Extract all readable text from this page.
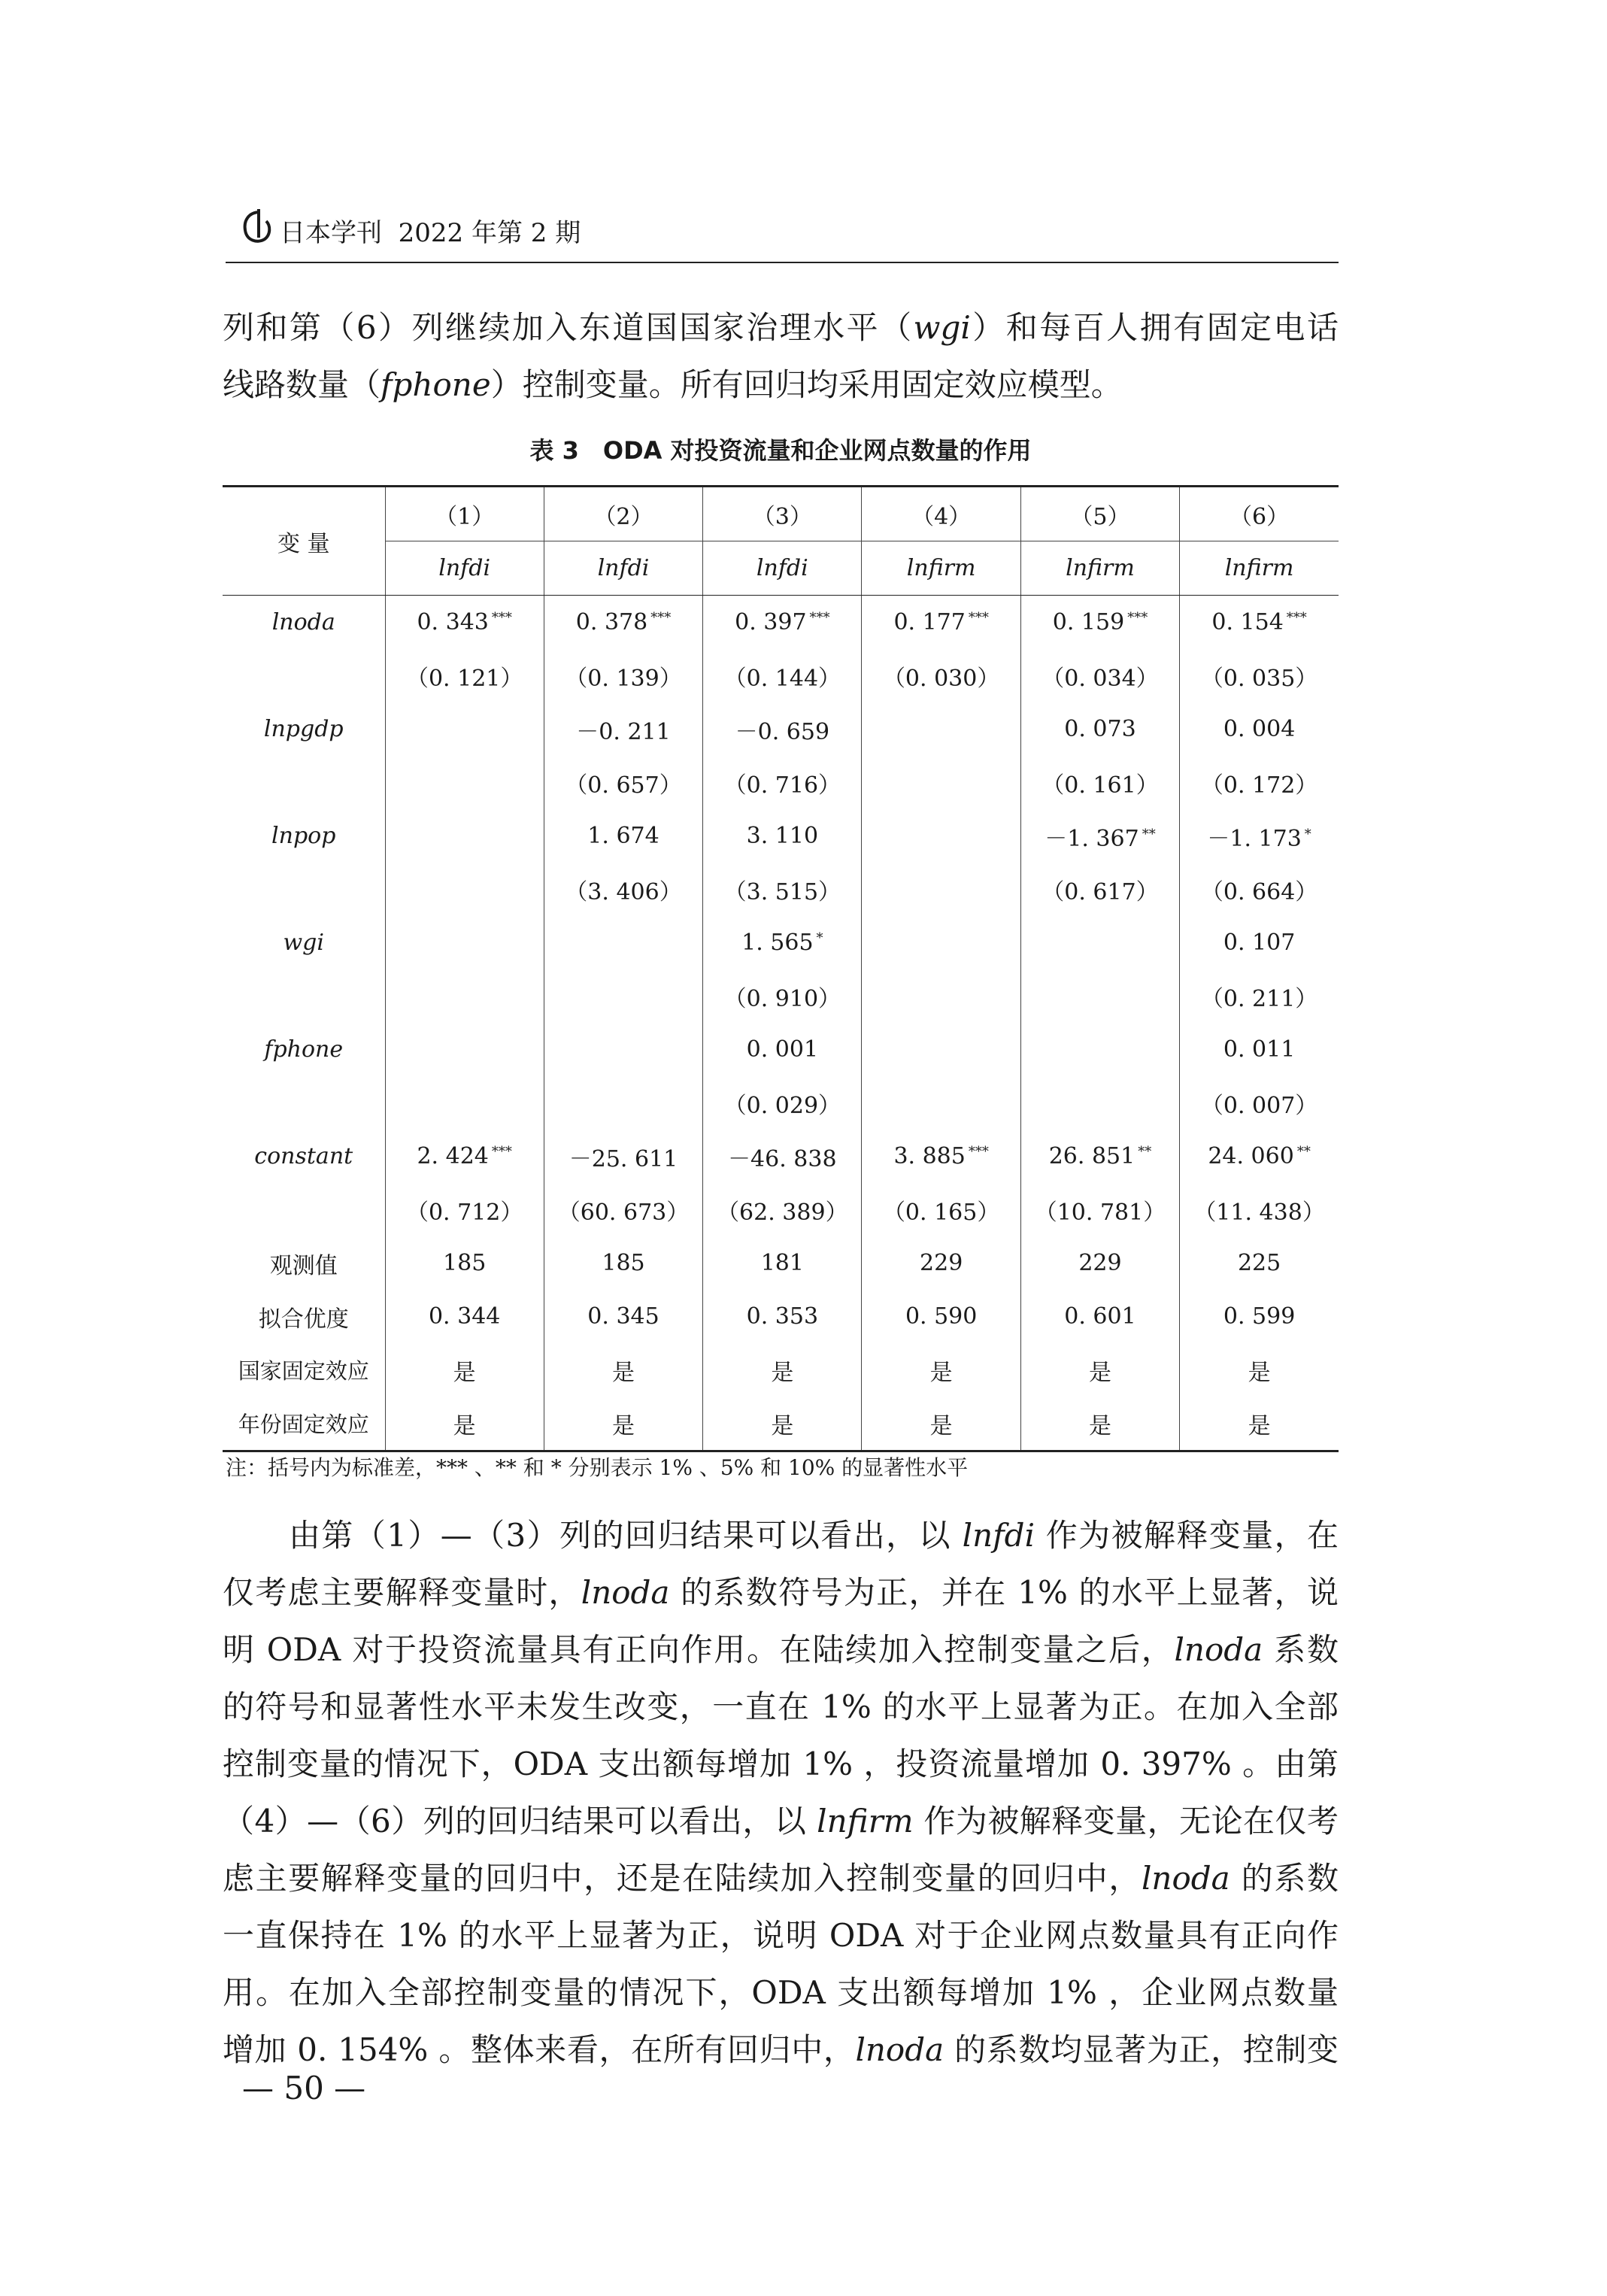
日本学刊 2022 年第 2 期

列和第（6）列继续加入东道国国家治理水平（wgi）和每百人拥有固定电话

线路数量（fphone）控制变量。所有回归均采用固定效应模型。

表 3　ODA 对投资流量和企业网点数量的作用
变 量	（1）	（2）	（3）	（4）	（5）	（6）
	lnfdi	lnfdi	lnfdi	lnfirm	lnfirm	lnfirm
lnoda	0. 343 ***	0. 378 ***	0. 397 ***	0. 177 ***	0. 159 ***	0. 154 ***
	（0. 121）	（0. 139）	（0. 144）	（0. 030）	（0. 034）	（0. 035）
lnpgdp		－0. 211	－0. 659		0. 073	0. 004
		（0. 657）	（0. 716）		（0. 161）	（0. 172）
lnpop		1. 674	3. 110		－1. 367 **	－1. 173 *
		（3. 406）	（3. 515）		（0. 617）	（0. 664）
wgi			1. 565 *			0. 107
			（0. 910）			（0. 211）
fphone			0. 001			0. 011
			（0. 029）			（0. 007）
constant	2. 424 ***	－25. 611	－46. 838	3. 885 ***	26. 851 **	24. 060 **
	（0. 712）	（60. 673）	（62. 389）	（0. 165）	（10. 781）	（11. 438）
观测值	185	185	181	229	229	225
拟合优度	0. 344	0. 345	0. 353	0. 590	0. 601	0. 599
国家固定效应	是	是	是	是	是	是
年份固定效应	是	是	是	是	是	是
注：括号内为标准差，*** 、** 和 * 分别表示 1% 、5% 和 10% 的显著性水平

由第（1）—（3）列的回归结果可以看出，以 lnfdi 作为被解释变量，在

仅考虑主要解释变量时，lnoda 的系数符号为正，并在 1% 的水平上显著，说

明 ODA 对于投资流量具有正向作用。在陆续加入控制变量之后，lnoda 系数

的符号和显著性水平未发生改变，一直在 1% 的水平上显著为正。在加入全部

控制变量的情况下，ODA 支出额每增加 1% ，投资流量增加 0. 397% 。由第

（4）—（6）列的回归结果可以看出，以 lnfirm 作为被解释变量，无论在仅考

虑主要解释变量的回归中，还是在陆续加入控制变量的回归中，lnoda 的系数

一直保持在 1% 的水平上显著为正，说明 ODA 对于企业网点数量具有正向作

用。在加入全部控制变量的情况下，ODA 支出额每增加 1% ，企业网点数量

增加 0. 154% 。整体来看，在所有回归中，lnoda 的系数均显著为正，控制变

— 50 —
